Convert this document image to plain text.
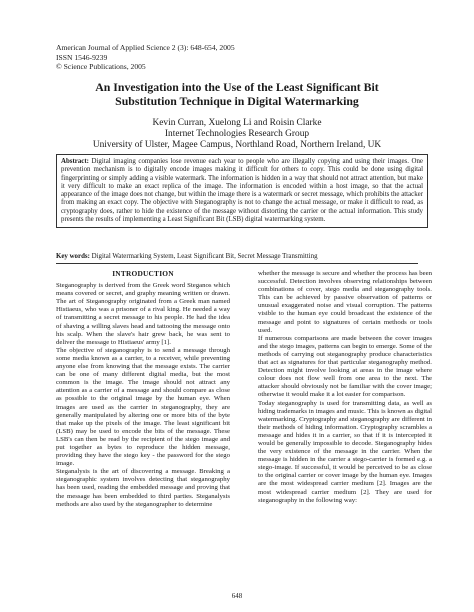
American Journal of Applied Science 2 (3): 648-654, 2005
ISSN 1546-9239
© Science Publications, 2005
An Investigation into the Use of the Least Significant Bit
Substitution Technique in Digital Watermarking
Kevin Curran, Xuelong Li and Roisin Clarke
Internet Technologies Research Group
University of Ulster, Magee Campus, Northland Road, Northern Ireland, UK
Abstract: Digital imaging companies lose revenue each year to people who are illegally copying and using their images. One prevention mechanism is to digitally encode images making it difficult for others to copy. This could be done using digital fingerprinting or simply adding a visible watermark. The information is hidden in a way that should not attract attention, but make it very difficult to make an exact replica of the image. The information is encoded within a host image, so that the actual appearance of the image does not change, but within the image there is a watermark or secret message, which prohibits the attacker from making an exact copy. The objective with Steganography is not to change the actual message, or make it difficult to read, as cryptography does, rather to hide the existence of the message without distorting the carrier or the actual information. This study presents the results of implementing a Least Significant Bit (LSB) digital watermarking system.
Key words: Digital Watermarking System, Least Significant Bit, Secret Message Transmitting
INTRODUCTION

Steganography is derived from the Greek word Steganos which means covered or secret, and graphy meaning written or drawn. The art of Steganography originated from a Greek man named Histiaeus, who was a prisoner of a rival king. He needed a way of transmitting a secret message to his people. He had the idea of shaving a willing slaves head and tattooing the message onto his scalp. When the slave's hair grew back, he was sent to deliver the message to Histiaeus' army [1].

The objective of steganography is to send a message through some media known as a carrier, to a receiver, while preventing anyone else from knowing that the message exists. The carrier can be one of many different digital media, but the most common is the image. The image should not attract any attention as a carrier of a message and should compare as close as possible to the original image by the human eye. When images are used as the carrier in steganography, they are generally manipulated by altering one or more bits of the byte that make up the pixels of the image. The least significant bit (LSB) may be used to encode the bits of the message. These LSB's can then be read by the recipient of the stego image and put together as bytes to reproduce the hidden message, providing they have the stego key - the password for the stego image.

Steganalysis is the art of discovering a message. Breaking a steganographic system involves detecting that steganography has been used, reading the embedded message and proving that the message has been embedded to third parties. Steganalysis methods are also used by the steganographer to determine

whether the message is secure and whether the process has been successful. Detection involves observing relationships between combinations of cover, stego media and steganography tools. This can be achieved by passive observation of patterns or unusual exaggerated noise and visual corruption. The patterns visible to the human eye could broadcast the existence of the message and point to signatures of certain methods or tools used.

If numerous comparisons are made between the cover images and the stego images, patterns can begin to emerge. Some of the methods of carrying out steganography produce characteristics that act as signatures for that particular steganography method. Detection might involve looking at areas in the image where colour does not flow well from one area to the next. The attacker should obviously not be familiar with the cover image; otherwise it would make it a lot easier for comparison.

Today steganography is used for transmitting data, as well as hiding trademarks in images and music. This is known as digital watermarking. Cryptography and steganography are different in their methods of hiding information. Cryptography scrambles a message and hides it in a carrier, so that if it is intercepted it would be generally impossible to decode. Steganography hides the very existence of the message in the carrier. When the message is hidden in the carrier a stego-carrier is formed e.g. a stego-image. If successful, it would be perceived to be as close to the original carrier or cover image by the human eye. Images are the most widespread carrier medium [2]. Images are the most widespread carrier medium [2]. They are used for steganography in the following way:

648
